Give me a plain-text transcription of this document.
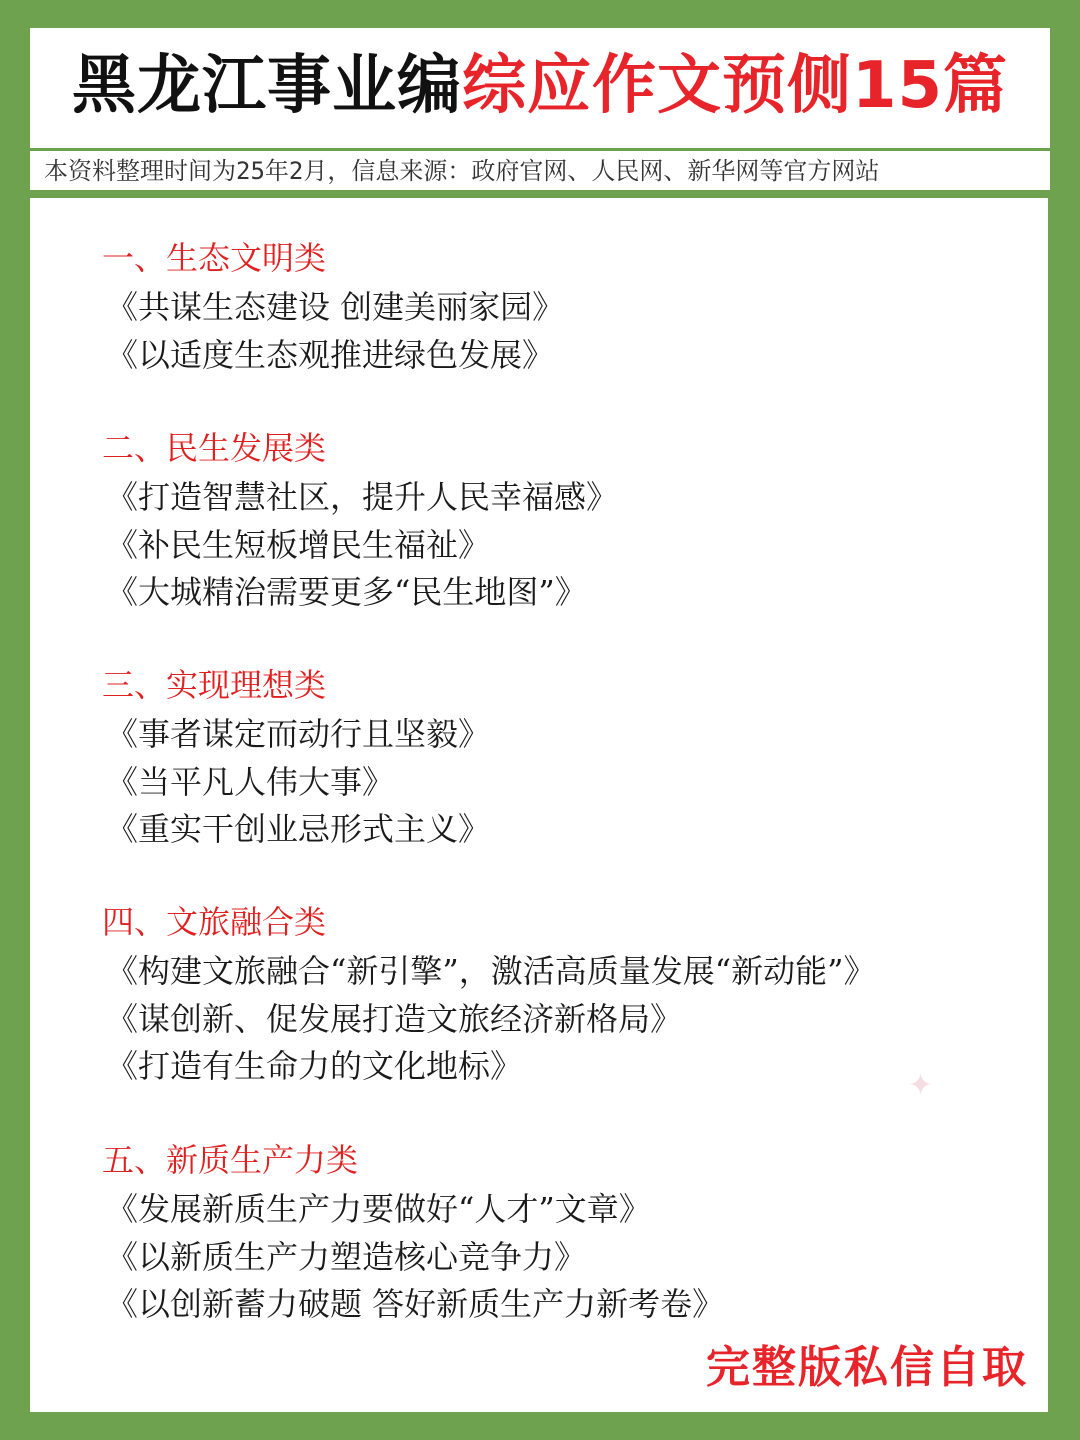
黑龙江事业编综应作文预侧15篇
本资料整理时间为25年2月，信息来源：政府官网、人民网、新华网等官方网站
一、生态文明类
《共谋生态建设 创建美丽家园》
《以适度生态观推进绿色发展》
二、民生发展类
《打造智慧社区，提升人民幸福感》
《补民生短板增民生福祉》
《大城精治需要更多“民生地图”》
三、实现理想类
《事者谋定而动行且坚毅》
《当平凡人伟大事》
《重实干创业忌形式主义》
四、文旅融合类
《构建文旅融合“新引擎”，激活高质量发展“新动能”》
《谋创新、促发展打造文旅经济新格局》
《打造有生命力的文化地标》
五、新质生产力类
《发展新质生产力要做好“人才”文章》
《以新质生产力塑造核心竞争力》
《以创新蓄力破题 答好新质生产力新考卷》
✦
完整版私信自取
